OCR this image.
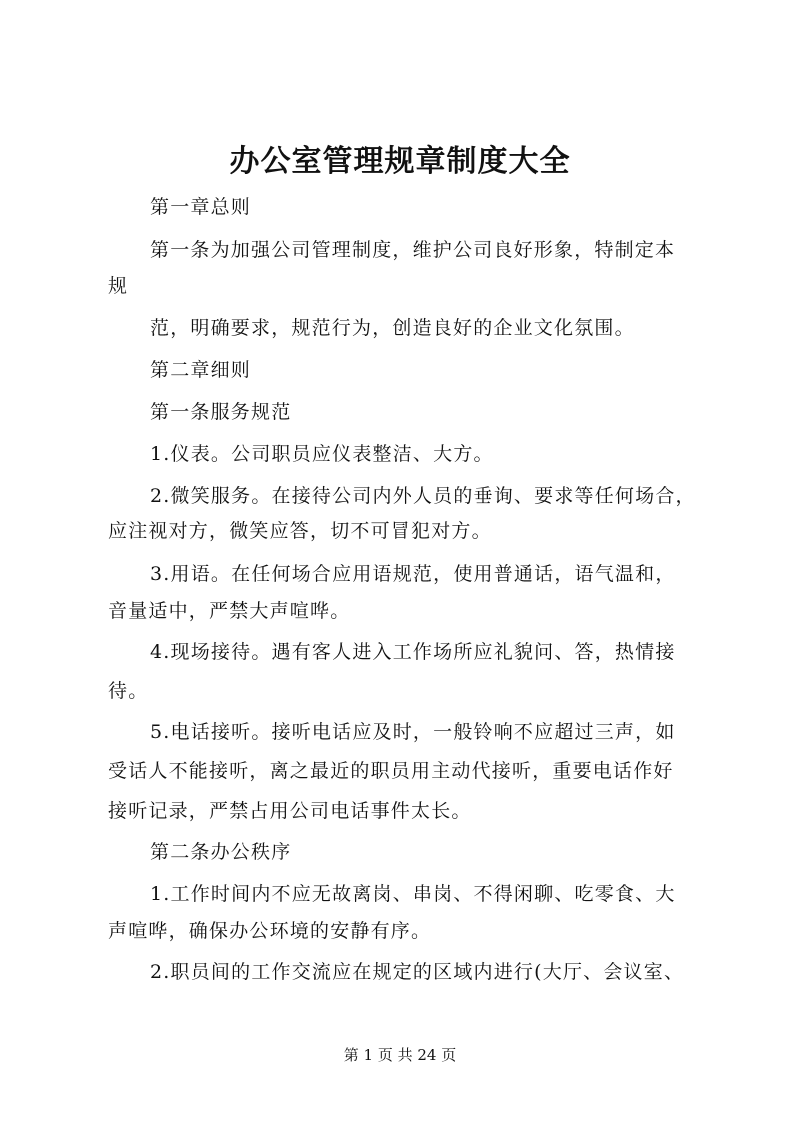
办公室管理规章制度大全

第一章总则

第一条为加强公司管理制度，维护公司良好形象，特制定本

规

范，明确要求，规范行为，创造良好的企业文化氛围。

第二章细则

第一条服务规范

1.仪表。公司职员应仪表整洁、大方。

2.微笑服务。在接待公司内外人员的垂询、要求等任何场合，

应注视对方，微笑应答，切不可冒犯对方。

3.用语。在任何场合应用语规范，使用普通话，语气温和，

音量适中，严禁大声喧哗。

4.现场接待。遇有客人进入工作场所应礼貌问、答，热情接

待。

5.电话接听。接听电话应及时，一般铃响不应超过三声，如

受话人不能接听，离之最近的职员用主动代接听，重要电话作好

接听记录，严禁占用公司电话事件太长。

第二条办公秩序

1.工作时间内不应无故离岗、串岗、不得闲聊、吃零食、大

声喧哗，确保办公环境的安静有序。

2.职员间的工作交流应在规定的区域内进行(大厅、会议室、

第 1 页 共 24 页
